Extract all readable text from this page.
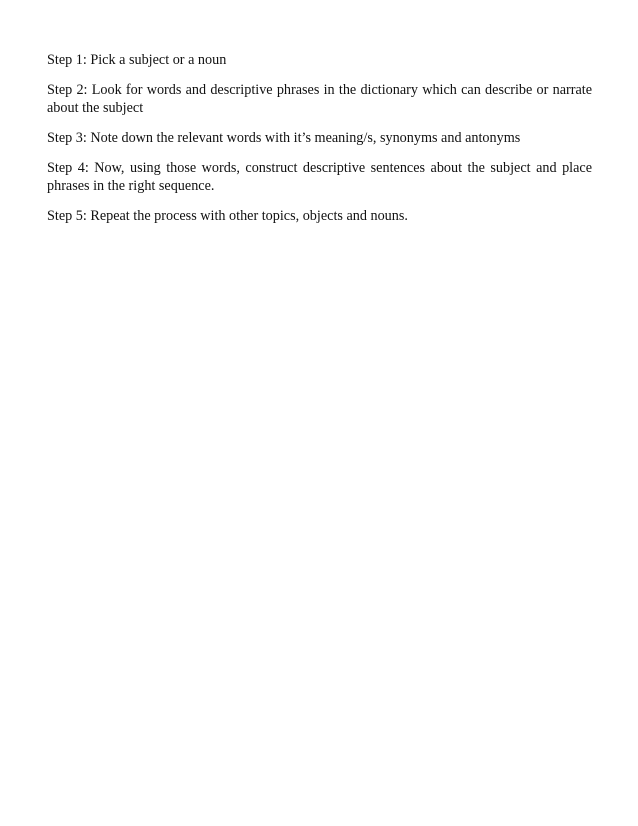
Step 1: Pick a subject or a noun

Step 2: Look for words and descriptive phrases in the dictionary which can describe or narrate about the subject

Step 3: Note down the relevant words with it’s meaning/s, synonyms and antonyms

Step 4: Now, using those words, construct descriptive sentences about the subject and place phrases in the right sequence.

Step 5: Repeat the process with other topics, objects and nouns.
